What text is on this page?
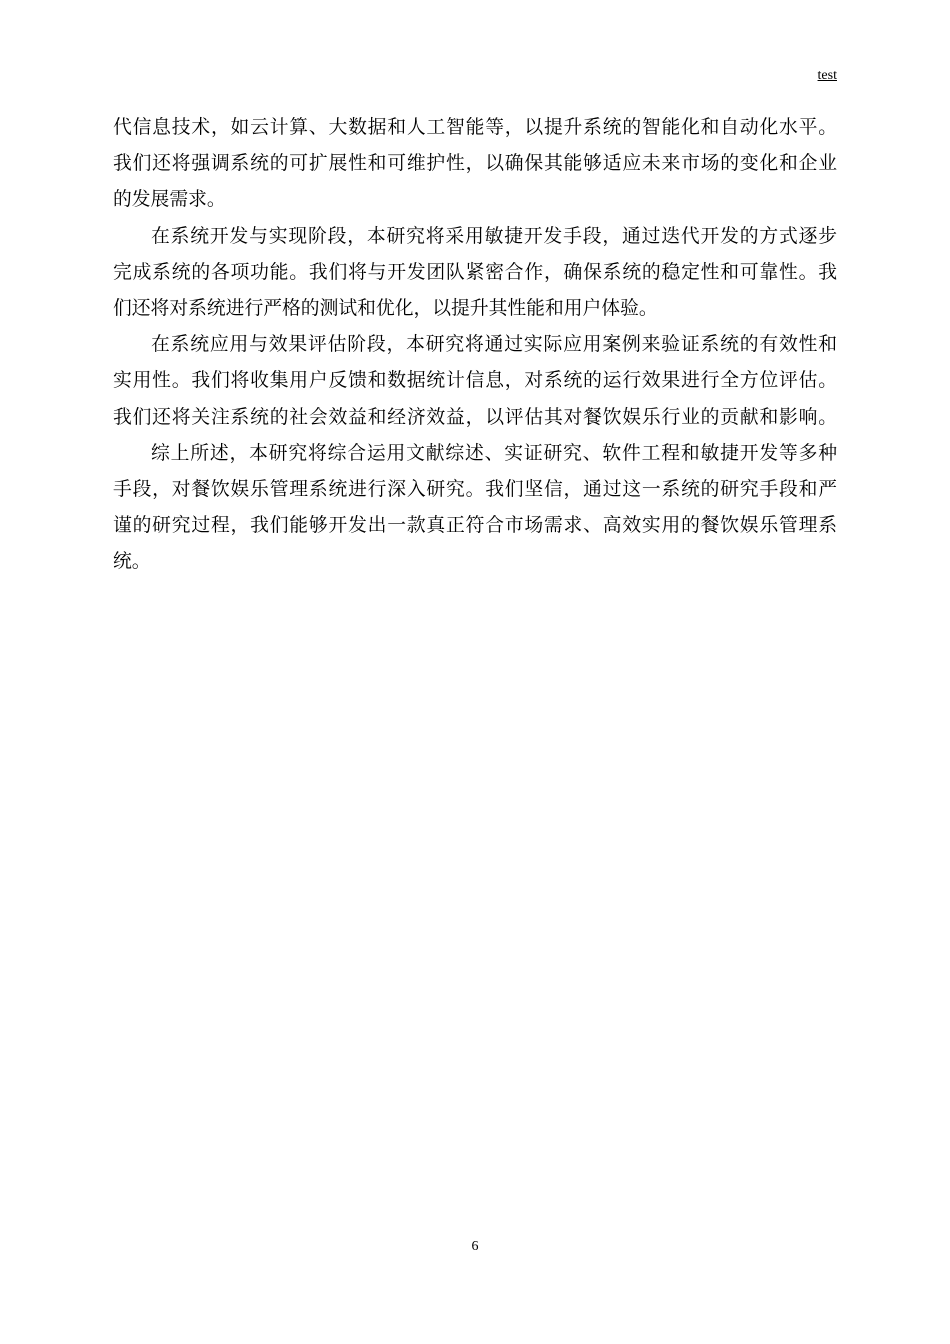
test
代信息技术，如云计算、大数据和人工智能等，以提升系统的智能化和自动化水平。
我们还将强调系统的可扩展性和可维护性，以确保其能够适应未来市场的变化和企业
的发展需求。
在系统开发与实现阶段，本研究将采用敏捷开发手段，通过迭代开发的方式逐步
完成系统的各项功能。我们将与开发团队紧密合作，确保系统的稳定性和可靠性。我
们还将对系统进行严格的测试和优化，以提升其性能和用户体验。
在系统应用与效果评估阶段，本研究将通过实际应用案例来验证系统的有效性和
实用性。我们将收集用户反馈和数据统计信息，对系统的运行效果进行全方位评估。
我们还将关注系统的社会效益和经济效益，以评估其对餐饮娱乐行业的贡献和影响。
综上所述，本研究将综合运用文献综述、实证研究、软件工程和敏捷开发等多种
手段，对餐饮娱乐管理系统进行深入研究。我们坚信，通过这一系统的研究手段和严
谨的研究过程，我们能够开发出一款真正符合市场需求、高效实用的餐饮娱乐管理系
统。
6
